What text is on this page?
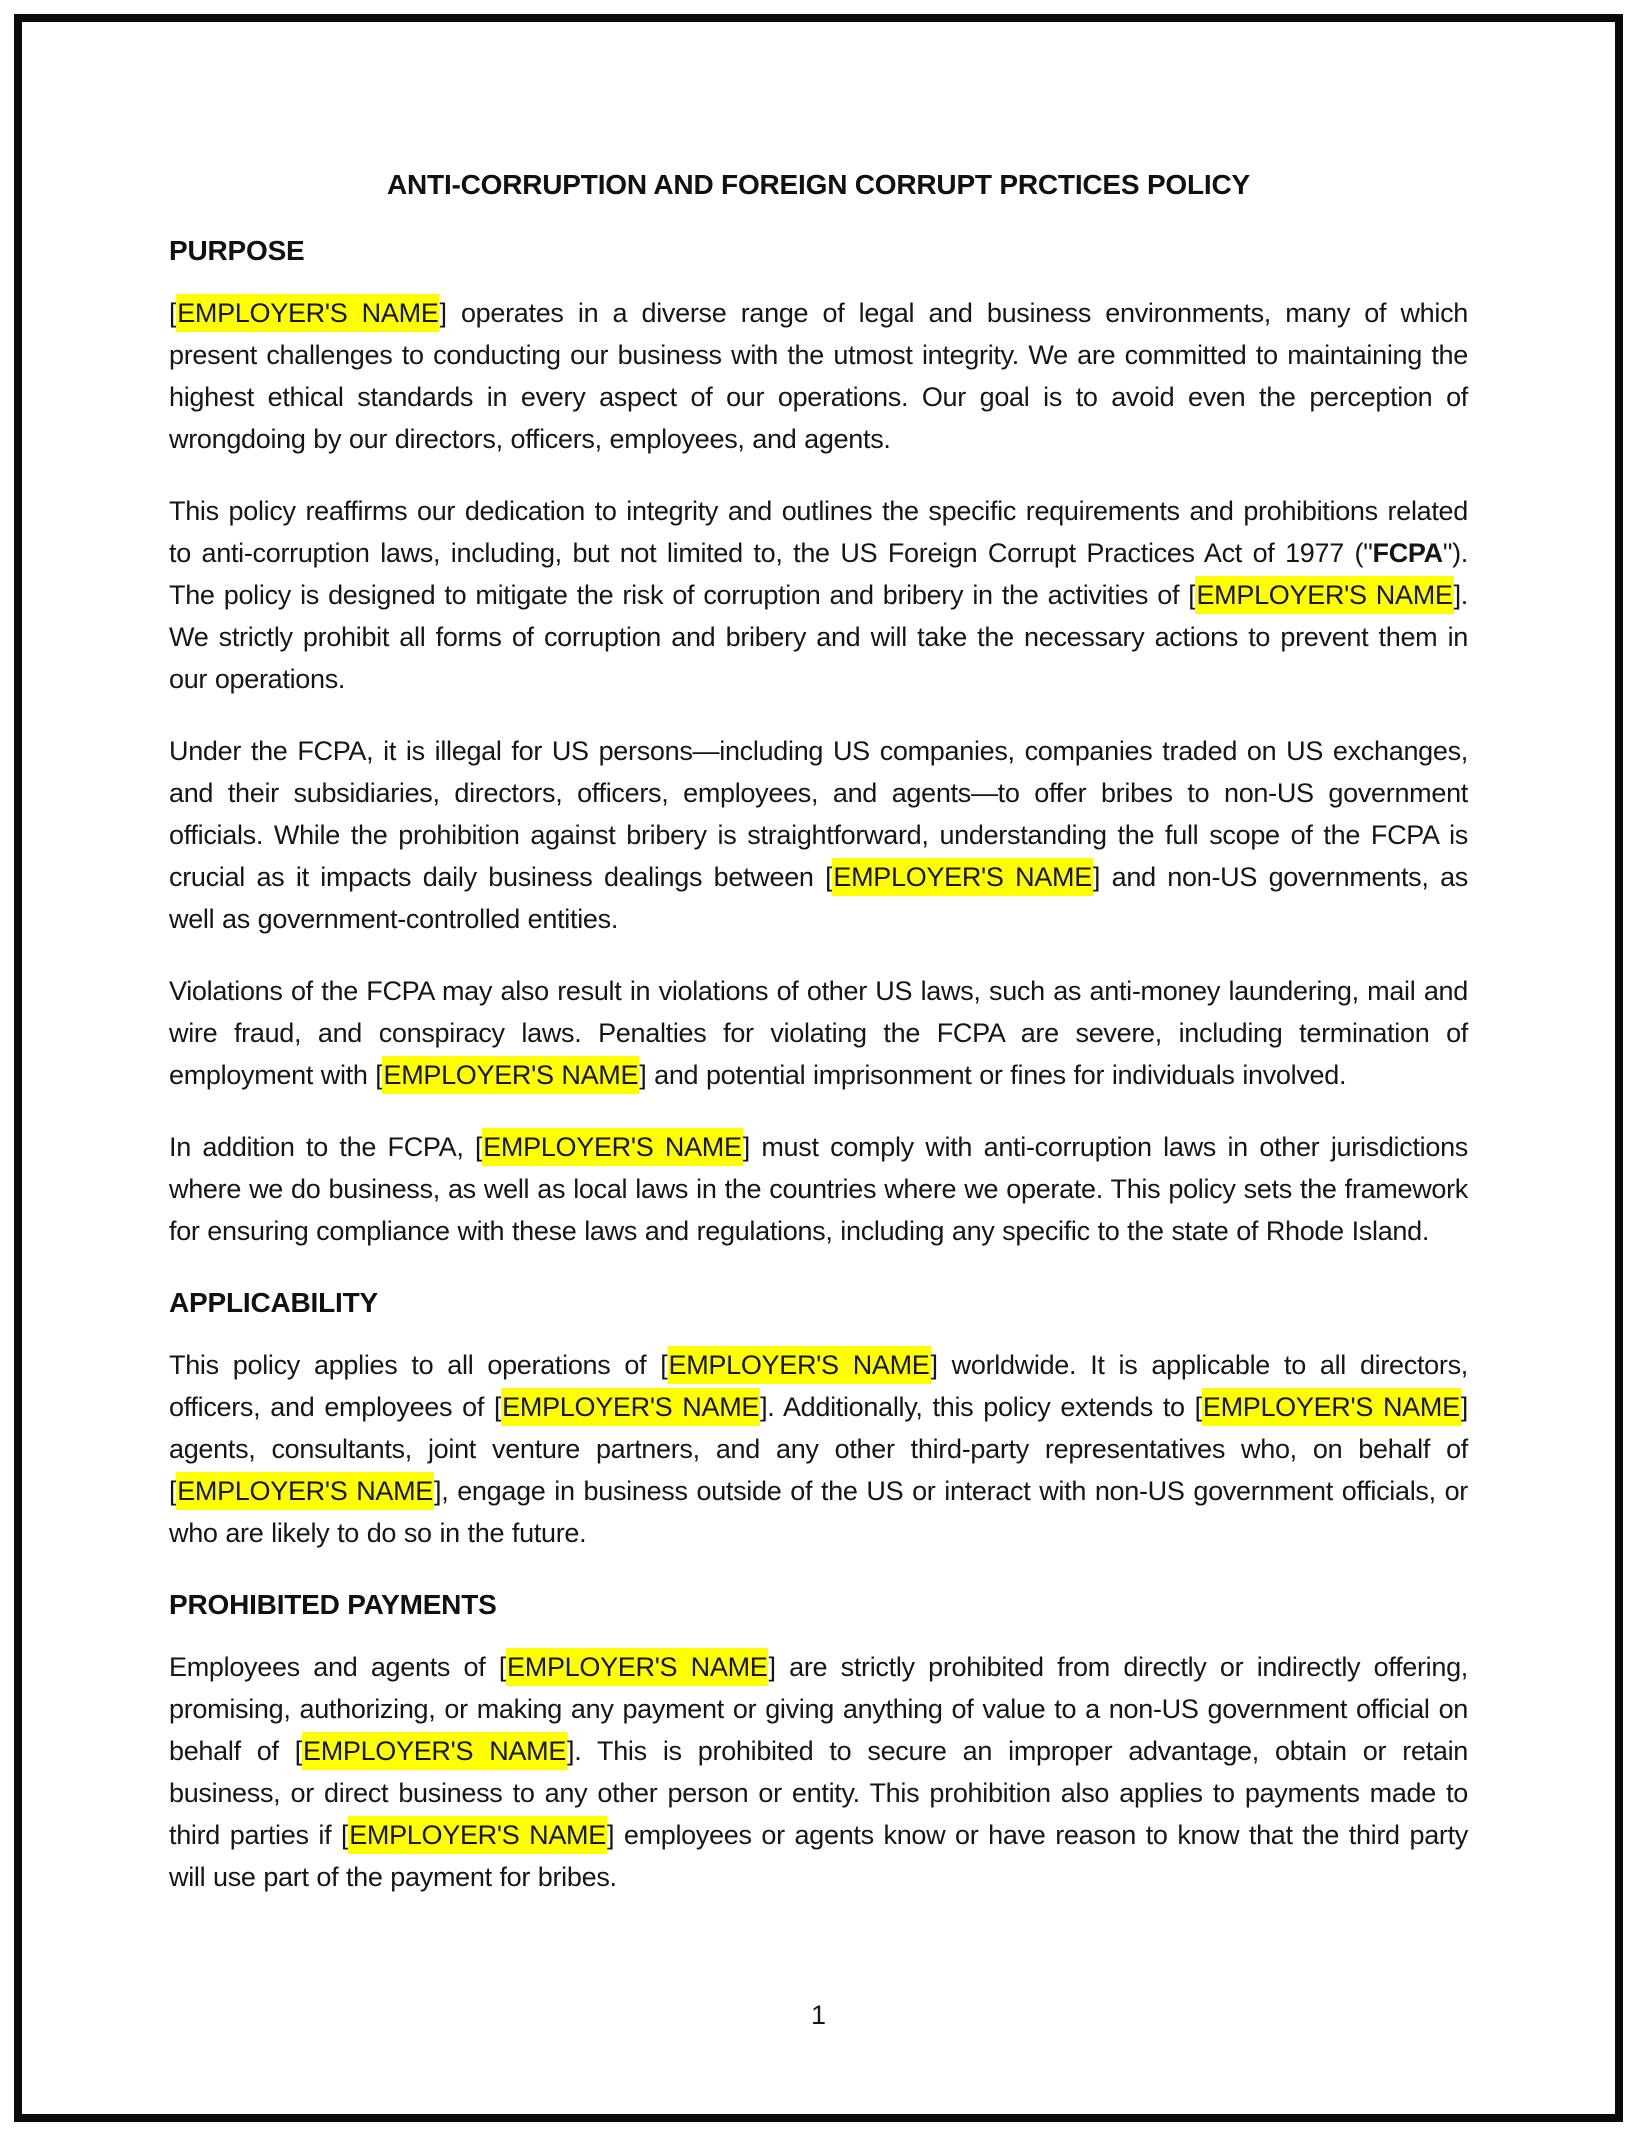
ANTI-CORRUPTION AND FOREIGN CORRUPT PRCTICES POLICY
PURPOSE

[EMPLOYER'S NAME] operates in a diverse range of legal and business environments, many of which present challenges to conducting our business with the utmost integrity. We are committed to maintaining the highest ethical standards in every aspect of our operations. Our goal is to avoid even the perception of wrongdoing by our directors, officers, employees, and agents.

This policy reaffirms our dedication to integrity and outlines the specific requirements and prohibitions related to anti-corruption laws, including, but not limited to, the US Foreign Corrupt Practices Act of 1977 ("FCPA"). The policy is designed to mitigate the risk of corruption and bribery in the activities of [EMPLOYER'S NAME]. We strictly prohibit all forms of corruption and bribery and will take the necessary actions to prevent them in our operations.

Under the FCPA, it is illegal for US persons—including US companies, companies traded on US exchanges, and their subsidiaries, directors, officers, employees, and agents—to offer bribes to non-US government officials. While the prohibition against bribery is straightforward, understanding the full scope of the FCPA is crucial as it impacts daily business dealings between [EMPLOYER'S NAME] and non-US governments, as well as government-controlled entities.

Violations of the FCPA may also result in violations of other US laws, such as anti-money laundering, mail and wire fraud, and conspiracy laws. Penalties for violating the FCPA are severe, including termination of employment with [EMPLOYER'S NAME] and potential imprisonment or fines for individuals involved.

In addition to the FCPA, [EMPLOYER'S NAME] must comply with anti-corruption laws in other jurisdictions where we do business, as well as local laws in the countries where we operate. This policy sets the framework for ensuring compliance with these laws and regulations, including any specific to the state of Rhode Island.

APPLICABILITY

This policy applies to all operations of [EMPLOYER'S NAME] worldwide. It is applicable to all directors, officers, and employees of [EMPLOYER'S NAME]. Additionally, this policy extends to [EMPLOYER'S NAME] agents, consultants, joint venture partners, and any other third-party representatives who, on behalf of [EMPLOYER'S NAME], engage in business outside of the US or interact with non-US government officials, or who are likely to do so in the future.

PROHIBITED PAYMENTS

Employees and agents of [EMPLOYER'S NAME] are strictly prohibited from directly or indirectly offering, promising, authorizing, or making any payment or giving anything of value to a non-US government official on behalf of [EMPLOYER'S NAME]. This is prohibited to secure an improper advantage, obtain or retain business, or direct business to any other person or entity. This prohibition also applies to payments made to third parties if [EMPLOYER'S NAME] employees or agents know or have reason to know that the third party will use part of the payment for bribes.

1
